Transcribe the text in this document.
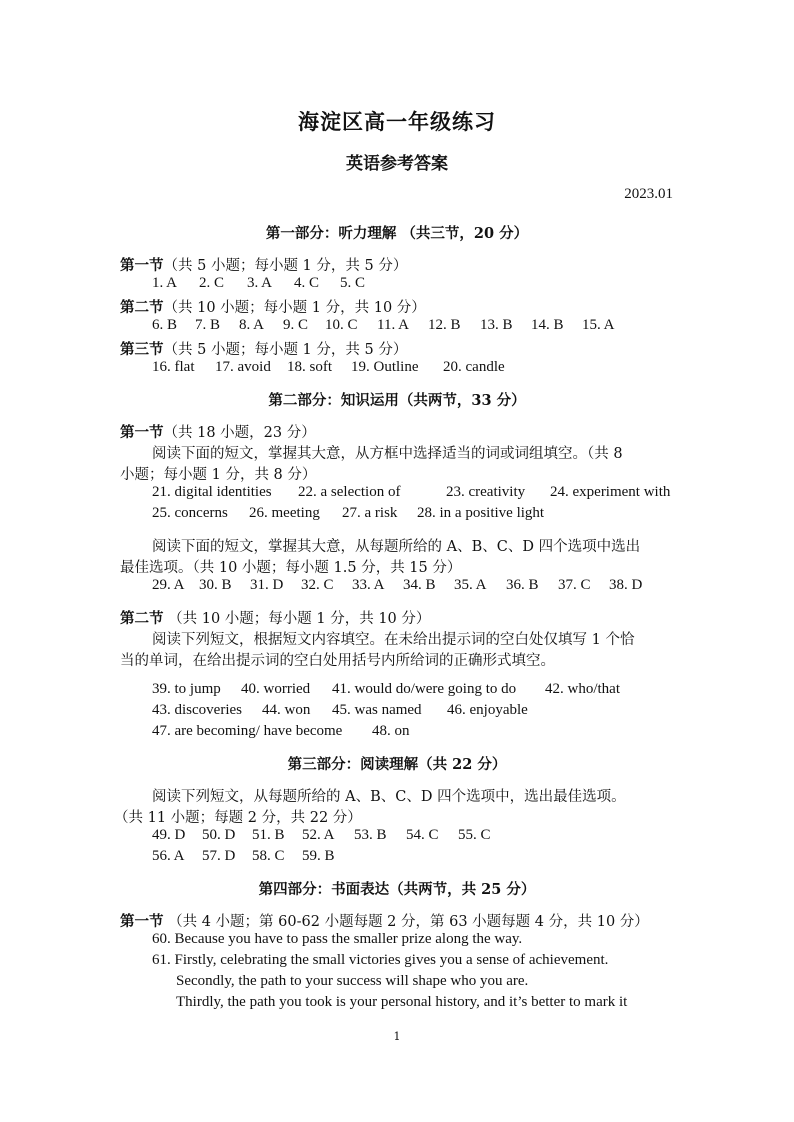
海淀区高一年级练习
英语参考答案
2023.01
第一部分：听力理解 （共三节，20 分）
第一节（共 5 小题；每小题 1 分，共 5 分）
1. A 2. C 3. A 4. C 5. C
第二节（共 10 小题；每小题 1 分，共 10 分）
6. B 7. B 8. A 9. C 10. C 11. A 12. B 13. B 14. B 15. A
第三节（共 5 小题；每小题 1 分，共 5 分）
16. flat 17. avoid 18. soft 19. Outline 20. candle
第二部分：知识运用（共两节，33 分）
第一节（共 18 小题，23 分）
阅读下面的短文，掌握其大意，从方框中选择适当的词或词组填空。（共 8
小题；每小题 1 分，共 8 分）
21. digital identities 22. a selection of	23. creativity 24. experiment with
25. concerns 26. meeting 27. a risk 28. in a positive light
阅读下面的短文，掌握其大意，从每题所给的 A、B、C、D 四个选项中选出
最佳选项。（共 10 小题；每小题 1.5 分，共 15 分）
29. A 30. B 31. D 32. C 33. A 34. B 35. A 36. B 37. C 38. D
第二节 （共 10 小题；每小题 1 分，共 10 分）
阅读下列短文，根据短文内容填空。在未给出提示词的空白处仅填写 1 个恰
当的单词，在给出提示词的空白处用括号内所给词的正确形式填空。
39. to jump 40. worried 41. would do/were going to do 42. who/that
43. discoveries 44. won 45. was named 46. enjoyable
47. are becoming/ have become 48. on
第三部分：阅读理解（共 22 分）
阅读下列短文，从每题所给的 A、B、C、D 四个选项中，选出最佳选项。
（共 11 小题；每题 2 分，共 22 分）
49. D 50. D 51. B 52. A 53. B 54. C 55. C
56. A 57. D 58. C 59. B
第四部分：书面表达（共两节，共 25 分）
第一节 （共 4 小题；第 60-62 小题每题 2 分，第 63 小题每题 4 分，共 10 分）
60. Because you have to pass the smaller prize along the way.
61. Firstly, celebrating the small victories gives you a sense of achievement.
Secondly, the path to your success will shape who you are.
Thirdly, the path you took is your personal history, and it’s better to mark it
1
